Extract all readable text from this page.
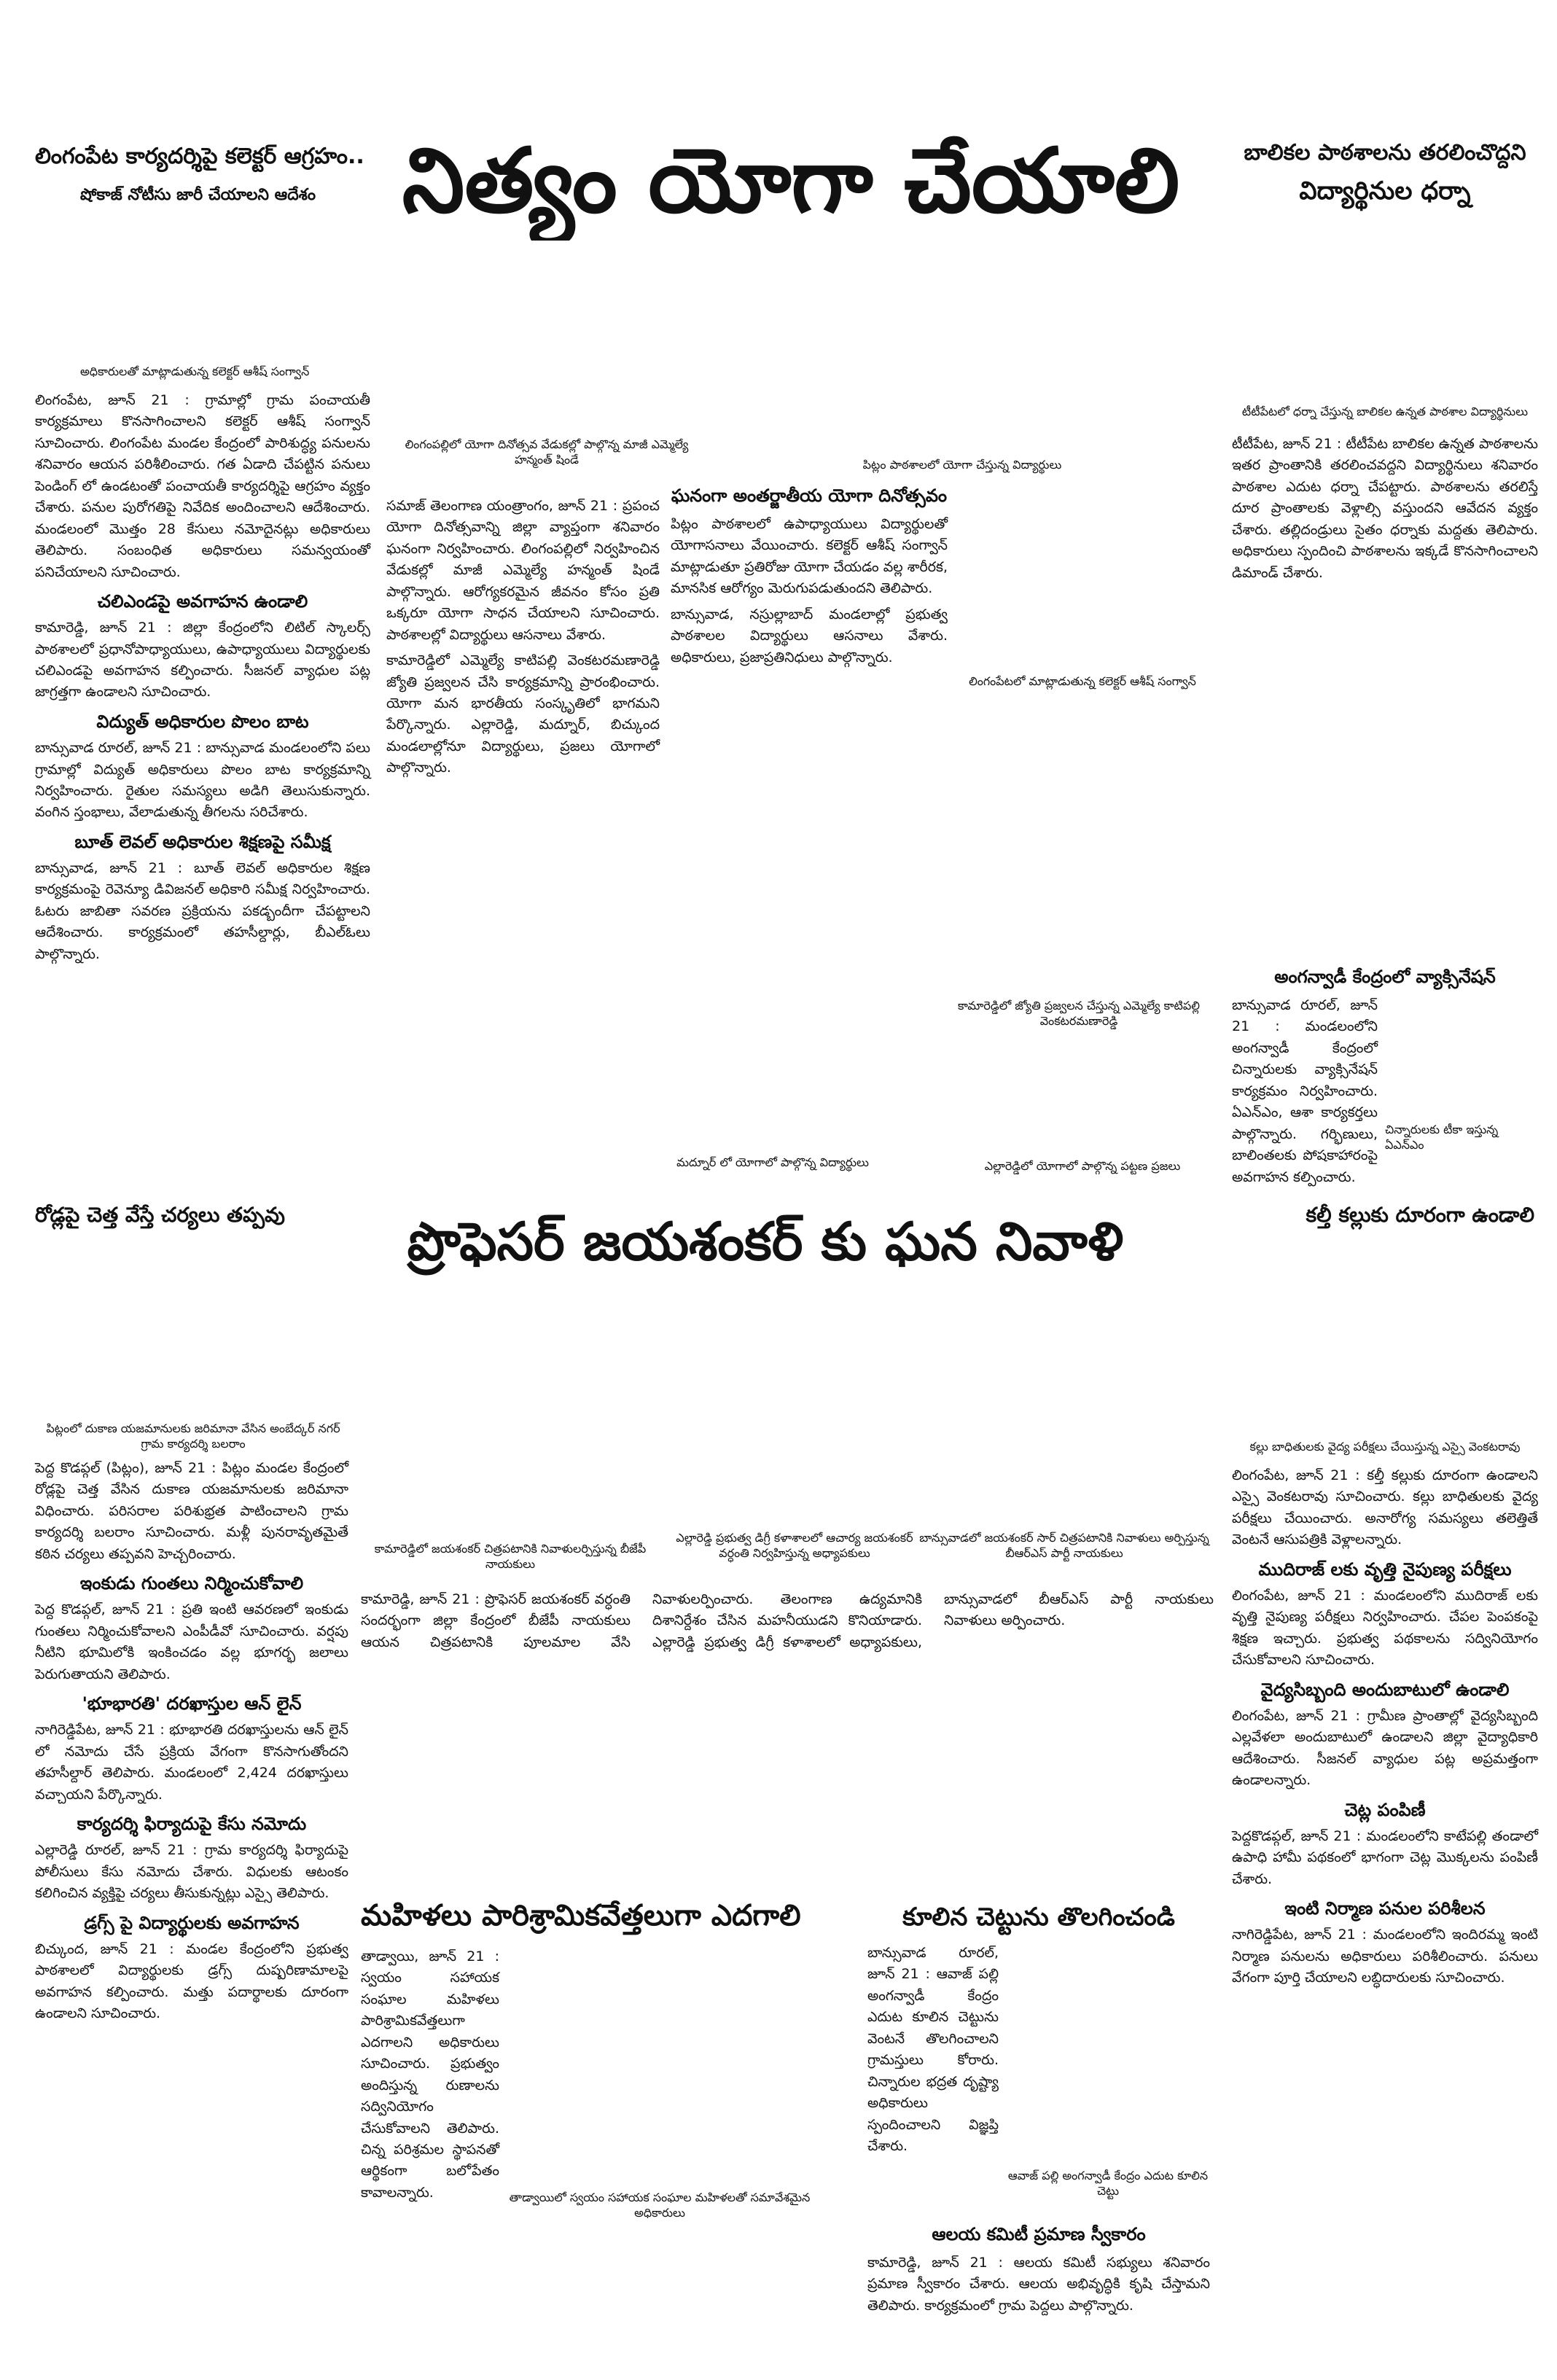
లింగంపేట కార్యదర్శిపై కలెక్టర్ ఆగ్రహం..
షోకాజ్ నోటీసు జారీ చేయాలని ఆదేశం నిత్యం యోగా చేయాలి	బాలికల పాఠశాలను తరలించొద్దని
విద్యార్థినుల ధర్నా
అధికారులతో మాట్లాడుతున్న కలెక్టర్ ఆశీష్ సంగ్వాన్

లింగంపేట, జూన్ 21 : గ్రామాల్లో గ్రామ పంచాయతీ కార్యక్రమాలు కొనసాగించాలని కలెక్టర్ ఆశీష్ సంగ్వాన్ సూచించారు. లింగంపేట మండల కేంద్రంలో పారిశుద్ధ్య పనులను శనివారం ఆయన పరిశీలించారు. గత ఏడాది చేపట్టిన పనులు పెండింగ్ లో ఉండటంతో పంచాయతీ కార్యదర్శిపై ఆగ్రహం వ్యక్తం చేశారు. పనుల పురోగతిపై నివేదిక అందించాలని ఆదేశించారు. మండలంలో మొత్తం 28 కేసులు నమోదైనట్లు అధికారులు తెలిపారు. సంబంధిత అధికారులు సమన్వయంతో పనిచేయాలని సూచించారు.

చలిఎండపై అవగాహన ఉండాలి

కామారెడ్డి, జూన్ 21 : జిల్లా కేంద్రంలోని లిటిల్ స్కాలర్స్ పాఠశాలలో ప్రధానోపాధ్యాయులు, ఉపాధ్యాయులు విద్యార్థులకు చలిఎండపై అవగాహన కల్పించారు. సీజనల్ వ్యాధుల పట్ల జాగ్రత్తగా ఉండాలని సూచించారు.

విద్యుత్ అధికారుల పొలం బాట

బాన్సువాడ రూరల్, జూన్ 21 : బాన్సువాడ మండలంలోని పలు గ్రామాల్లో విద్యుత్ అధికారులు పొలం బాట కార్యక్రమాన్ని నిర్వహించారు. రైతుల సమస్యలు అడిగి తెలుసుకున్నారు. వంగిన స్తంభాలు, వేలాడుతున్న తీగలను సరిచేశారు.

బూత్ లెవల్ అధికారుల శిక్షణపై సమీక్ష

బాన్సువాడ, జూన్ 21 : బూత్ లెవల్ అధికారుల శిక్షణ కార్యక్రమంపై రెవెన్యూ డివిజనల్ అధికారి సమీక్ష నిర్వహించారు. ఓటరు జాబితా సవరణ ప్రక్రియను పకడ్బందీగా చేపట్టాలని ఆదేశించారు. కార్యక్రమంలో తహసీల్దార్లు, బీఎల్ఓలు పాల్గొన్నారు.

లింగంపల్లిలో యోగా దినోత్సవ వేడుకల్లో పాల్గొన్న మాజీ ఎమ్మెల్యే హన్మంత్ షిండే	పిట్లం పాఠశాలలో యోగా చేస్తున్న విద్యార్థులు

సమాజ్ తెలంగాణ యంత్రాంగం, జూన్ 21 : ప్రపంచ యోగా దినోత్సవాన్ని జిల్లా వ్యాప్తంగా శనివారం ఘనంగా నిర్వహించారు. లింగంపల్లిలో నిర్వహించిన వేడుకల్లో మాజీ ఎమ్మెల్యే హన్మంత్ షిండే పాల్గొన్నారు. ఆరోగ్యకరమైన జీవనం కోసం ప్రతి ఒక్కరూ యోగా సాధన చేయాలని సూచించారు. పాఠశాలల్లో విద్యార్థులు ఆసనాలు వేశారు.

కామారెడ్డిలో ఎమ్మెల్యే కాటిపల్లి వెంకటరమణారెడ్డి జ్యోతి ప్రజ్వలన చేసి కార్యక్రమాన్ని ప్రారంభించారు. యోగా మన భారతీయ సంస్కృతిలో భాగమని పేర్కొన్నారు. ఎల్లారెడ్డి, మద్నూర్, బిచ్కుంద మండలాల్లోనూ విద్యార్థులు, ప్రజలు యోగాలో పాల్గొన్నారు.

ఘనంగా అంతర్జాతీయ యోగా దినోత్సవం

పిట్లం పాఠశాలలో ఉపాధ్యాయులు విద్యార్థులతో యోగాసనాలు వేయించారు. కలెక్టర్ ఆశీష్ సంగ్వాన్ మాట్లాడుతూ ప్రతిరోజు యోగా చేయడం వల్ల శారీరక, మానసిక ఆరోగ్యం మెరుగుపడుతుందని తెలిపారు.

బాన్సువాడ, నస్రుల్లాబాద్ మండలాల్లో ప్రభుత్వ పాఠశాలల విద్యార్థులు ఆసనాలు వేశారు. అధికారులు, ప్రజాప్రతినిధులు పాల్గొన్నారు.

లింగంపేటలో మాట్లాడుతున్న కలెక్టర్ ఆశీష్ సంగ్వాన్
కామారెడ్డిలో జ్యోతి ప్రజ్వలన చేస్తున్న ఎమ్మెల్యే కాటిపల్లి వెంకటరమణారెడ్డి
మద్నూర్ లో యోగాలో పాల్గొన్న విద్యార్థులు	ఎల్లారెడ్డిలో యోగాలో పాల్గొన్న పట్టణ ప్రజలు
టీటీపేటలో ధర్నా చేస్తున్న బాలికల ఉన్నత పాఠశాల విద్యార్థినులు

టీటీపేట, జూన్ 21 : టీటీపేట బాలికల ఉన్నత పాఠశాలను ఇతర ప్రాంతానికి తరలించవద్దని విద్యార్థినులు శనివారం పాఠశాల ఎదుట ధర్నా చేపట్టారు. పాఠశాలను తరలిస్తే దూర ప్రాంతాలకు వెళ్లాల్సి వస్తుందని ఆవేదన వ్యక్తం చేశారు. తల్లిదండ్రులు సైతం ధర్నాకు మద్దతు తెలిపారు. అధికారులు స్పందించి పాఠశాలను ఇక్కడే కొనసాగించాలని డిమాండ్ చేశారు.

అంగన్వాడీ కేంద్రంలో వ్యాక్సినేషన్

బాన్సువాడ రూరల్, జూన్ 21 : మండలంలోని అంగన్వాడీ కేంద్రంలో చిన్నారులకు వ్యాక్సినేషన్ కార్యక్రమం నిర్వహించారు. ఏఎన్ఎం, ఆశా కార్యకర్తలు పాల్గొన్నారు. గర్భిణులు, బాలింతలకు పోషకాహారంపై అవగాహన కల్పించారు.

చిన్నారులకు టీకా ఇస్తున్న ఏఎన్ఎం
రోడ్లపై చెత్త వేస్తే చర్యలు తప్పవు	ప్రొఫెసర్ జయశంకర్ కు ఘన నివాళి	కల్తీ కల్లుకు దూరంగా ఉండాలి
పిట్లంలో దుకాణ యజమానులకు జరిమానా వేసిన అంబేద్కర్ నగర్ గ్రామ కార్యదర్శి బలరాం

పెద్ద కొడప్గల్ (పిట్లం), జూన్ 21 : పిట్లం మండల కేంద్రంలో రోడ్లపై చెత్త వేసిన దుకాణ యజమానులకు జరిమానా విధించారు. పరిసరాల పరిశుభ్రత పాటించాలని గ్రామ కార్యదర్శి బలరాం సూచించారు. మళ్లీ పునరావృతమైతే కఠిన చర్యలు తప్పవని హెచ్చరించారు.

ఇంకుడు గుంతలు నిర్మించుకోవాలి

పెద్ద కొడప్గల్, జూన్ 21 : ప్రతి ఇంటి ఆవరణలో ఇంకుడు గుంతలు నిర్మించుకోవాలని ఎంపీడీవో సూచించారు. వర్షపు నీటిని భూమిలోకి ఇంకించడం వల్ల భూగర్భ జలాలు పెరుగుతాయని తెలిపారు.

'భూభారతి' దరఖాస్తుల ఆన్ లైన్

నాగిరెడ్డిపేట, జూన్ 21 : భూభారతి దరఖాస్తులను ఆన్ లైన్ లో నమోదు చేసే ప్రక్రియ వేగంగా కొనసాగుతోందని తహసీల్దార్ తెలిపారు. మండలంలో 2,424 దరఖాస్తులు వచ్చాయని పేర్కొన్నారు.

కార్యదర్శి ఫిర్యాదుపై కేసు నమోదు

ఎల్లారెడ్డి రూరల్, జూన్ 21 : గ్రామ కార్యదర్శి ఫిర్యాదుపై పోలీసులు కేసు నమోదు చేశారు. విధులకు ఆటంకం కలిగించిన వ్యక్తిపై చర్యలు తీసుకున్నట్లు ఎస్సై తెలిపారు.

డ్రగ్స్ పై విద్యార్థులకు అవగాహన

బిచ్కుంద, జూన్ 21 : మండల కేంద్రంలోని ప్రభుత్వ పాఠశాలలో విద్యార్థులకు డ్రగ్స్ దుష్పరిణామాలపై అవగాహన కల్పించారు. మత్తు పదార్థాలకు దూరంగా ఉండాలని సూచించారు.

కామారెడ్డిలో జయశంకర్ చిత్రపటానికి నివాళులర్పిస్తున్న బీజేపీ నాయకులు
ఎల్లారెడ్డి ప్రభుత్వ డిగ్రీ కళాశాలలో ఆచార్య జయశంకర్ వర్ధంతి నిర్వహిస్తున్న అధ్యాపకులు
బాన్సువాడలో జయశంకర్ సార్ చిత్రపటానికి నివాళులు అర్పిస్తున్న బీఆర్ఎస్ పార్టీ నాయకులు

కామారెడ్డి, జూన్ 21 : ప్రొఫెసర్ జయశంకర్ వర్ధంతి సందర్భంగా జిల్లా కేంద్రంలో బీజేపీ నాయకులు ఆయన చిత్రపటానికి పూలమాల వేసి నివాళులర్పించారు. తెలంగాణ ఉద్యమానికి దిశానిర్దేశం చేసిన మహనీయుడని కొనియాడారు. ఎల్లారెడ్డి ప్రభుత్వ డిగ్రీ కళాశాలలో అధ్యాపకులు, బాన్సువాడలో బీఆర్ఎస్ పార్టీ నాయకులు నివాళులు అర్పించారు.

మహిళలు పారిశ్రామికవేత్తలుగా ఎదగాలి

తాడ్వాయి, జూన్ 21 : స్వయం సహాయక సంఘాల మహిళలు పారిశ్రామికవేత్తలుగా ఎదగాలని అధికారులు సూచించారు. ప్రభుత్వం అందిస్తున్న రుణాలను సద్వినియోగం చేసుకోవాలని తెలిపారు. చిన్న పరిశ్రమల స్థాపనతో ఆర్థికంగా బలోపేతం కావాలన్నారు.	తాడ్వాయిలో స్వయం సహాయక సంఘాల మహిళలతో సమావేశమైన అధికారులు
కూలిన చెట్టును తొలగించండి

బాన్సువాడ రూరల్, జూన్ 21 : ఆవాజ్ పల్లి అంగన్వాడీ కేంద్రం ఎదుట కూలిన చెట్టును వెంటనే తొలగించాలని గ్రామస్తులు కోరారు. చిన్నారుల భద్రత దృష్ట్యా అధికారులు స్పందించాలని విజ్ఞప్తి చేశారు.

ఆవాజ్ పల్లి అంగన్వాడీ కేంద్రం ఎదుట కూలిన చెట్టు
ఆలయ కమిటీ ప్రమాణ స్వీకారం

కామారెడ్డి, జూన్ 21 : ఆలయ కమిటీ సభ్యులు శనివారం ప్రమాణ స్వీకారం చేశారు. ఆలయ అభివృద్ధికి కృషి చేస్తామని తెలిపారు. కార్యక్రమంలో గ్రామ పెద్దలు పాల్గొన్నారు.

కల్లు బాధితులకు వైద్య పరీక్షలు చేయిస్తున్న ఎస్సై వెంకటరావు

లింగంపేట, జూన్ 21 : కల్తీ కల్లుకు దూరంగా ఉండాలని ఎస్సై వెంకటరావు సూచించారు. కల్లు బాధితులకు వైద్య పరీక్షలు చేయించారు. అనారోగ్య సమస్యలు తలెత్తితే వెంటనే ఆసుపత్రికి వెళ్లాలన్నారు.

ముదిరాజ్ లకు వృత్తి నైపుణ్య పరీక్షలు

లింగంపేట, జూన్ 21 : మండలంలోని ముదిరాజ్ లకు వృత్తి నైపుణ్య పరీక్షలు నిర్వహించారు. చేపల పెంపకంపై శిక్షణ ఇచ్చారు. ప్రభుత్వ పథకాలను సద్వినియోగం చేసుకోవాలని సూచించారు.

వైద్యసిబ్బంది అందుబాటులో ఉండాలి

లింగంపేట, జూన్ 21 : గ్రామీణ ప్రాంతాల్లో వైద్యసిబ్బంది ఎల్లవేళలా అందుబాటులో ఉండాలని జిల్లా వైద్యాధికారి ఆదేశించారు. సీజనల్ వ్యాధుల పట్ల అప్రమత్తంగా ఉండాలన్నారు.

చెట్ల పంపిణీ

పెద్దకొడప్గల్, జూన్ 21 : మండలంలోని కాటేపల్లి తండాలో ఉపాధి హామీ పథకంలో భాగంగా చెట్ల మొక్కలను పంపిణీ చేశారు.

ఇంటి నిర్మాణ పనుల పరిశీలన

నాగిరెడ్డిపేట, జూన్ 21 : మండలంలోని ఇందిరమ్మ ఇంటి నిర్మాణ పనులను అధికారులు పరిశీలించారు. పనులు వేగంగా పూర్తి చేయాలని లబ్ధిదారులకు సూచించారు.
